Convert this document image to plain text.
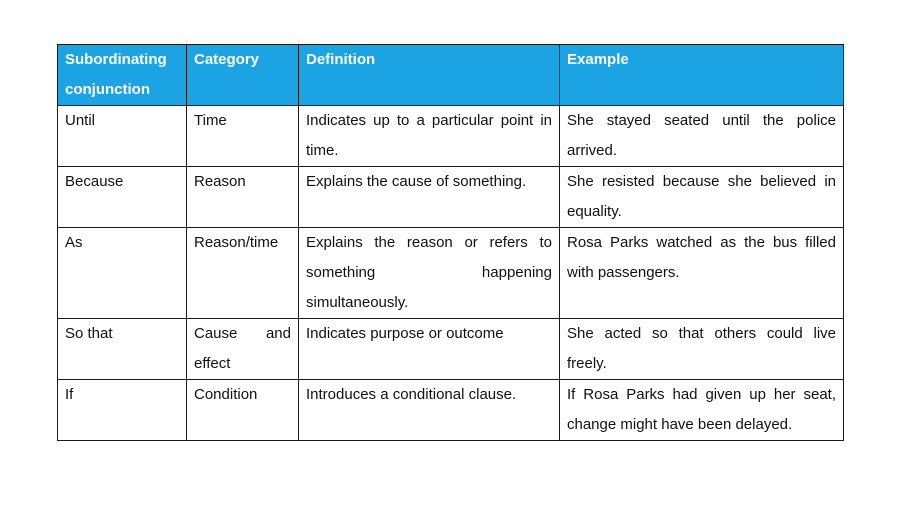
Subordinating conjunction	Category	Definition	Example
Until	Time	Indicates up to a particular point in time.	She stayed seated until the police arrived.
Because	Reason	Explains the cause of something.	She resisted because she believed in equality.
As	Reason/time	Explains the reason or refers to something happening simultaneously.	Rosa Parks watched as the bus filled with passengers.
So that	Cause and effect	Indicates purpose or outcome	She acted so that others could live freely.
If	Condition	Introduces a conditional clause.	If Rosa Parks had given up her seat, change might have been delayed.
